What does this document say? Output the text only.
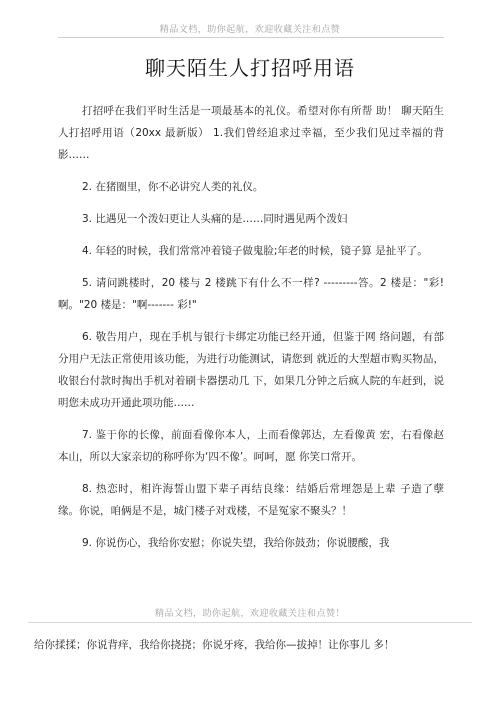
精品文档，助你起航，欢迎收藏关注和点赞
聊天陌生人打招呼用语

打招呼在我们平时生活是一项最基本的礼仪。希望对你有所帮 助！ 聊天陌生人打招呼用语（20xx 最新版） 1.我们曾经追求过幸福，至少我们见过幸福的背影……

2. 在猪圈里，你不必讲究人类的礼仪。

3. 比遇见一个泼妇更让人头痛的是……同时遇见两个泼妇

4. 年轻的时候，我们常常冲着镜子做鬼脸;年老的时候，镜子算 是扯平了。

5. 请问跳楼时，20 楼与 2 楼跳下有什么不一样? ---------答。2 楼是："彩!啊。"20 楼是："啊------- 彩!"

6. 敬告用户，现在手机与银行卡绑定功能已经开通，但鉴于网 络问题，有部分用户无法正常使用该功能，为进行功能测试，请您到 就近的大型超市购买物品，收银台付款时掏出手机对着刷卡器摆动几 下，如果几分钟之后疯人院的车赶到，说明您未成功开通此项功能……

7. 鉴于你的长像，前面看像你本人，上而看像郭达，左看像黄 宏，右看像赵本山，所以大家亲切的称呼你为‘四不像’。呵呵，愿 你笑口常开。

8. 热恋时，相许海誓山盟下辈子再结良缘：结婚后常埋怨是上辈 子造了孽缘。你说，咱俩是不是，城门楼子对戏楼，不是冤家不聚头？！

9. 你说伤心，我给你安慰；你说失望，我给你鼓劲；你说腰酸，我

精品文档，助你起航，欢迎收藏关注和点赞！
给你揉揉；你说背痒，我给你挠挠；你说牙疼，我给你—拔掉！让你事儿 多！
